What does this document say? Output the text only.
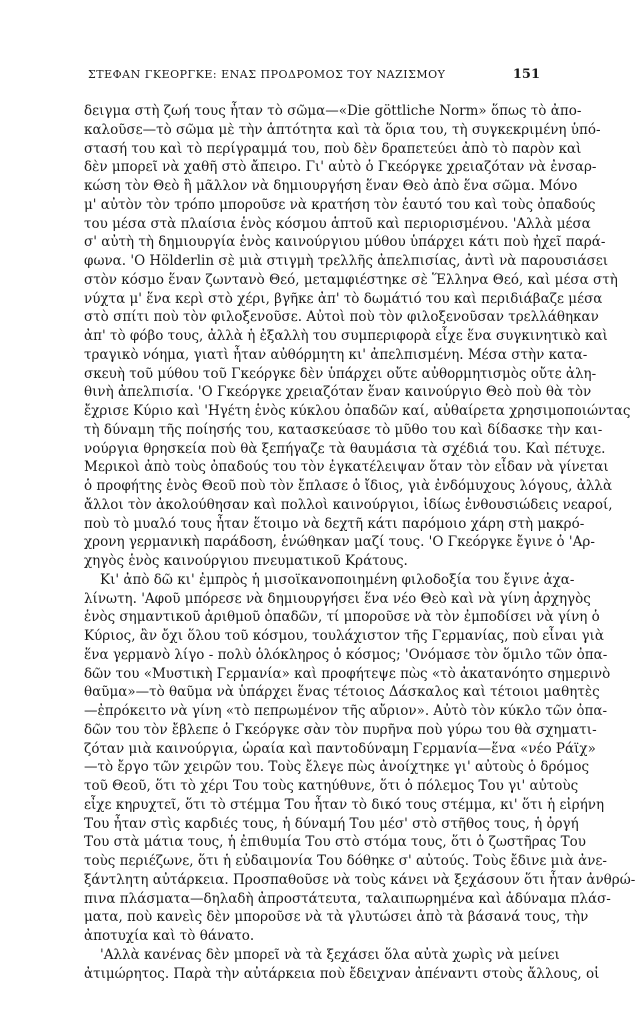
ΣΤΕΦΑΝ ΓΚΕΟΡΓΚΕ: ΕΝΑΣ ΠΡΟΔΡΟΜΟΣ ΤΟΥ ΝΑΖΙΣΜΟΥ	151
δειγμα στὴ ζωή τους ἦταν τὸ σῶμα—«Die göttliche Norm» ὅπως τὸ ἀπο-
καλοῦσε—τὸ σῶμα μὲ τὴν ἁπτότητα καὶ τὰ ὅρια του, τὴ συγκεκριμένη ὑπό-
στασή του καὶ τὸ περίγραμμά του, ποὺ δὲν δραπετεύει ἀπὸ τὸ παρὸν καὶ
δὲν μπορεῖ νὰ χαθῆ στὸ ἄπειρο. Γι' αὐτὸ ὁ Γκεόργκε χρειαζόταν νὰ ἐνσαρ-
κώση τὸν Θεὸ ἢ μᾶλλον νὰ δημιουργήση ἕναν Θεὸ ἀπὸ ἕνα σῶμα. Μόνο
μ' αὐτὸν τὸν τρόπο μποροῦσε νὰ κρατήση τὸν ἑαυτό του καὶ τοὺς ὀπαδούς
του μέσα στὰ πλαίσια ἑνὸς κόσμου ἁπτοῦ καὶ περιορισμένου. 'Αλλὰ μέσα
σ' αὐτὴ τὴ δημιουργία ἑνὸς καινούργιου μύθου ὑπάρχει κάτι ποὺ ἠχεῖ παρά-
φωνα. 'Ο Hölderlin σὲ μιὰ στιγμὴ τρελλῆς ἀπελπισίας, ἀντὶ νὰ παρουσιάσει
στὸν κόσμο ἕναν ζωντανὸ Θεό, μεταμφιέστηκε σὲ Ἕλληνα Θεό, καὶ μέσα στὴ
νύχτα μ' ἕνα κερὶ στὸ χέρι, βγῆκε ἀπ' τὸ δωμάτιό του καὶ περιδιάβαζε μέσα
στὸ σπίτι ποὺ τὸν φιλοξενοῦσε. Αὐτοὶ ποὺ τὸν φιλοξενοῦσαν τρελλάθηκαν
ἀπ' τὸ φόβο τους, ἀλλὰ ἡ ἐξαλλὴ του συμπεριφορὰ εἶχε ἕνα συγκινητικὸ καὶ
τραγικὸ νόημα, γιατὶ ἦταν αὐθόρμητη κι' ἀπελπισμένη. Μέσα στὴν κατα-
σκευὴ τοῦ μύθου τοῦ Γκεόργκε δὲν ὑπάρχει οὔτε αὐθορμητισμὸς οὔτε ἀλη-
θινὴ ἀπελπισία. 'Ο Γκεόργκε χρειαζόταν ἕναν καινούργιο Θεὸ ποὺ θὰ τὸν
ἔχρισε Κύριο καὶ 'Ηγέτη ἑνὸς κύκλου ὀπαδῶν καί, αὐθαίρετα χρησιμοποιώντας
τὴ δύναμη τῆς ποίησής του, κατασκεύασε τὸ μῦθο του καὶ δίδασκε τὴν και-
νούργια θρησκεία ποὺ θὰ ξεπήγαζε τὰ θαυμάσια τὰ σχέδιά του. Καὶ πέτυχε.
Μερικοὶ ἀπὸ τοὺς ὀπαδούς του τὸν ἐγκατέλειψαν ὅταν τὸν εἶδαν νὰ γίνεται
ὁ προφήτης ἑνὸς Θεοῦ ποὺ τὸν ἔπλασε ὁ ἴδιος, γιὰ ἐνδόμυχους λόγους, ἀλλὰ
ἄλλοι τὸν ἀκολούθησαν καὶ πολλοὶ καινούργιοι, ἰδίως ἐνθουσιώδεις νεαροί,
ποὺ τὸ μυαλό τους ἦταν ἕτοιμο νὰ δεχτῆ κάτι παρόμοιο χάρη στὴ μακρό-
χρονη γερμανικὴ παράδοση, ἑνώθηκαν μαζί τους. 'Ο Γκεόργκε ἔγινε ὁ 'Αρ-
χηγὸς ἑνὸς καινούργιου πνευματικοῦ Κράτους.
Κι' ἀπὸ δῶ κι' ἐμπρὸς ἡ μισοϊκανοποιημένη φιλοδοξία του ἔγινε ἀχα-
λίνωτη. 'Αφοῦ μπόρεσε νὰ δημιουργήσει ἕνα νέο Θεὸ καὶ νὰ γίνη ἀρχηγὸς
ἑνὸς σημαντικοῦ ἀριθμοῦ ὀπαδῶν, τί μποροῦσε νὰ τὸν ἐμποδίσει νὰ γίνη ὁ
Κύριος, ἂν ὄχι ὅλου τοῦ κόσμου, τουλάχιστον τῆς Γερμανίας, ποὺ εἶναι γιὰ
ἕνα γερμανὸ λίγο - πολὺ ὁλόκληρος ὁ κόσμος; 'Ονόμασε τὸν ὅμιλο τῶν ὀπα-
δῶν του «Μυστικὴ Γερμανία» καὶ προφήτεψε πὼς «τὸ ἀκατανόητο σημερινὸ
θαῦμα»—τὸ θαῦμα νὰ ὑπάρχει ἕνας τέτοιος Δάσκαλος καὶ τέτοιοι μαθητὲς
—ἐπρόκειτο νὰ γίνη «τὸ πεπρωμένον τῆς αὔριον». Αὐτὸ τὸν κύκλο τῶν ὀπα-
δῶν του τὸν ἔβλεπε ὁ Γκεόργκε σὰν τὸν πυρῆνα ποὺ γύρω του θὰ σχηματι-
ζόταν μιὰ καινούργια, ὡραία καὶ παντοδύναμη Γερμανία—ἕνα «νέο Ράϊχ»
—τὸ ἔργο τῶν χειρῶν του. Τοὺς ἔλεγε πὼς ἀνοίχτηκε γι' αὐτοὺς ὁ δρόμος
τοῦ Θεοῦ, ὅτι τὸ χέρι Του τοὺς κατηύθυνε, ὅτι ὁ πόλεμος Του γι' αὐτοὺς
εἶχε κηρυχτεῖ, ὅτι τὸ στέμμα Του ἦταν τὸ δικό τους στέμμα, κι' ὅτι ἡ εἰρήνη
Του ἦταν στὶς καρδιές τους, ἡ δύναμή Του μέσ' στὸ στῆθος τους, ἡ ὀργή
Του στὰ μάτια τους, ἡ ἐπιθυμία Του στὸ στόμα τους, ὅτι ὁ ζωστῆρας Του
τοὺς περιέζωνε, ὅτι ἡ εὐδαιμονία Του δόθηκε σ' αὐτούς. Τοὺς ἔδινε μιὰ ἀνε-
ξάντλητη αὐτάρκεια. Προσπαθοῦσε νὰ τοὺς κάνει νὰ ξεχάσουν ὅτι ἦταν ἀνθρώ-
πινα πλάσματα—δηλαδὴ ἀπροστάτευτα, ταλαιπωρημένα καὶ ἀδύναμα πλάσ-
ματα, ποὺ κανεὶς δὲν μποροῦσε νὰ τὰ γλυτώσει ἀπὸ τὰ βάσανά τους, τὴν
ἀποτυχία καὶ τὸ θάνατο.
'Αλλὰ κανένας δὲν μπορεῖ νὰ τὰ ξεχάσει ὅλα αὐτὰ χωρὶς νὰ μείνει
ἀτιμώρητος. Παρὰ τὴν αὐτάρκεια ποὺ ἔδειχναν ἀπέναντι στοὺς ἄλλους, οἱ
